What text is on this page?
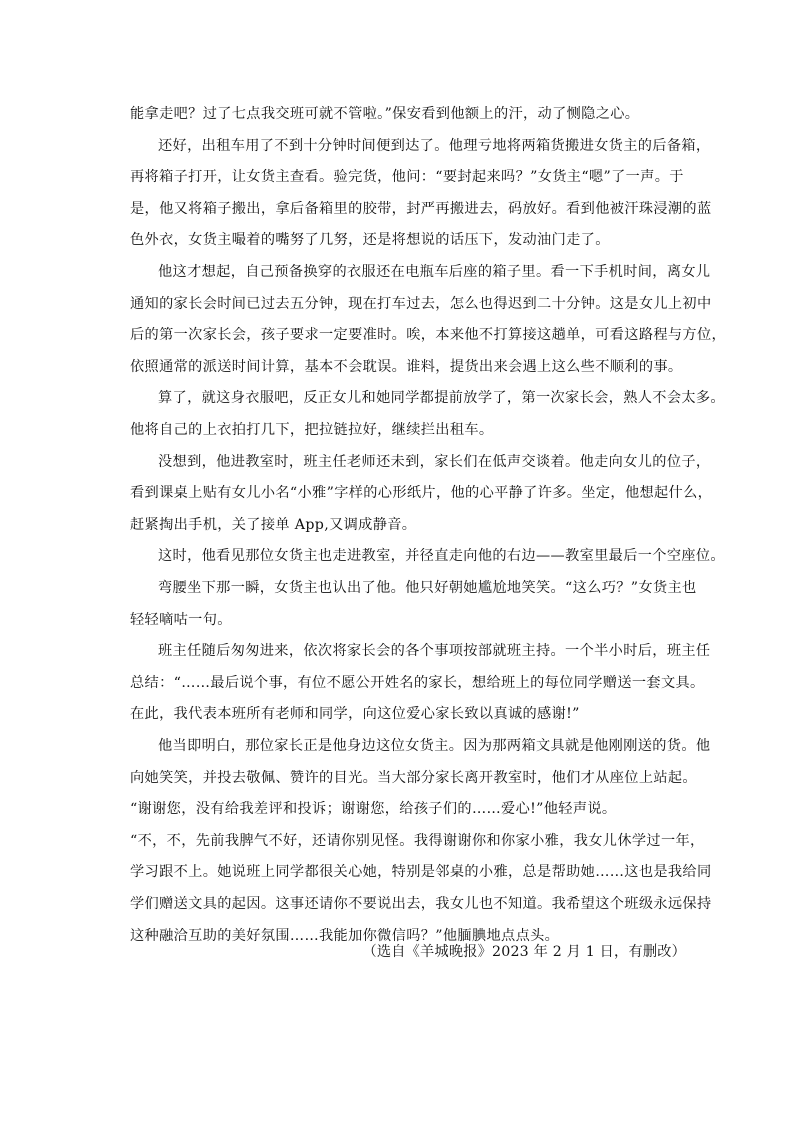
能拿走吧？过了七点我交班可就不管啦。”保安看到他额上的汗，动了恻隐之心。
还好，出租车用了不到十分钟时间便到达了。他理亏地将两箱货搬进女货主的后备箱，
再将箱子打开，让女货主查看。验完货，他问：“要封起来吗？”女货主“嗯”了一声。于
是，他又将箱子搬出，拿后备箱里的胶带，封严再搬进去，码放好。看到他被汗珠浸潮的蓝
色外衣，女货主嘬着的嘴努了几努，还是将想说的话压下，发动油门走了。
他这才想起，自己预备换穿的衣服还在电瓶车后座的箱子里。看一下手机时间，离女儿
通知的家长会时间已过去五分钟，现在打车过去，怎么也得迟到二十分钟。这是女儿上初中
后的第一次家长会，孩子要求一定要准时。唉，本来他不打算接这趟单，可看这路程与方位，
依照通常的派送时间计算，基本不会耽误。谁料，提货出来会遇上这么些不顺利的事。
算了，就这身衣服吧，反正女儿和她同学都提前放学了，第一次家长会，熟人不会太多。
他将自己的上衣拍打几下，把拉链拉好，继续拦出租车。
没想到，他进教室时，班主任老师还未到，家长们在低声交谈着。他走向女儿的位子，
看到课桌上贴有女儿小名“小雅”字样的心形纸片，他的心平静了许多。坐定，他想起什么，
赶紧掏出手机，关了接单 App,又调成静音。
这时，他看见那位女货主也走进教室，并径直走向他的右边——教室里最后一个空座位。
弯腰坐下那一瞬，女货主也认出了他。他只好朝她尴尬地笑笑。“这么巧？”女货主也
轻轻嘀咕一句。
班主任随后匆匆进来，依次将家长会的各个事项按部就班主持。一个半小时后，班主任
总结：“……最后说个事，有位不愿公开姓名的家长，想给班上的每位同学赠送一套文具。
在此，我代表本班所有老师和同学，向这位爱心家长致以真诚的感谢!”
他当即明白，那位家长正是他身边这位女货主。因为那两箱文具就是他刚刚送的货。他
向她笑笑，并投去敬佩、赞许的目光。当大部分家长离开教室时，他们才从座位上站起。
“谢谢您，没有给我差评和投诉；谢谢您，给孩子们的……爱心!”他轻声说。
“不，不，先前我脾气不好，还请你别见怪。我得谢谢你和你家小雅，我女儿休学过一年，
学习跟不上。她说班上同学都很关心她，特别是邻桌的小雅，总是帮助她……这也是我给同
学们赠送文具的起因。这事还请你不要说出去，我女儿也不知道。我希望这个班级永远保持
这种融洽互助的美好氛围……我能加你微信吗？”他腼腆地点点头。
（选自《羊城晚报》2023 年 2 月 1 日，有删改）
